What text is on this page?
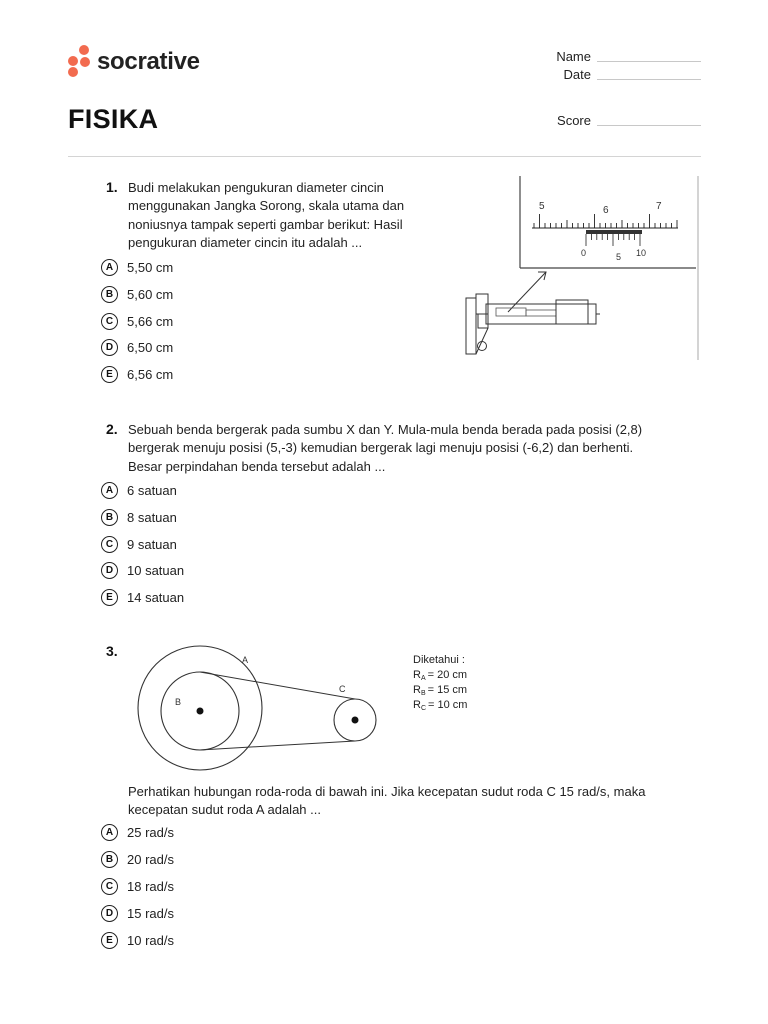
socrative
FISIKA
Name
Date
Score
1. Budi melakukan pengukuran diameter cincin
menggunakan Jangka Sorong, skala utama dan
noniusnya tampak seperti gambar berikut: Hasil
pengukuran diameter cincin itu adalah ...
A	5,50 cm
B	5,60 cm
C	5,66 cm
D	6,50 cm
E	6,56 cm
5	6	7
0	5 10
2. Sebuah benda bergerak pada sumbu X dan Y. Mula-mula benda berada pada posisi (2,8)
bergerak menuju posisi (5,-3) kemudian bergerak lagi menuju posisi (-6,2) dan berhenti.
Besar perpindahan benda tersebut adalah ...
A	6 satuan
B	8 satuan
C	9 satuan
D	10 satuan
E	14 satuan
3.
A
B
C
Diketahui :
RA = 20 cm
RB = 15 cm
RC = 10 cm
Perhatikan hubungan roda-roda di bawah ini. Jika kecepatan sudut roda C 15 rad/s, maka
kecepatan sudut roda A adalah ...
A	25 rad/s
B	20 rad/s
C	18 rad/s
D	15 rad/s
E	10 rad/s
